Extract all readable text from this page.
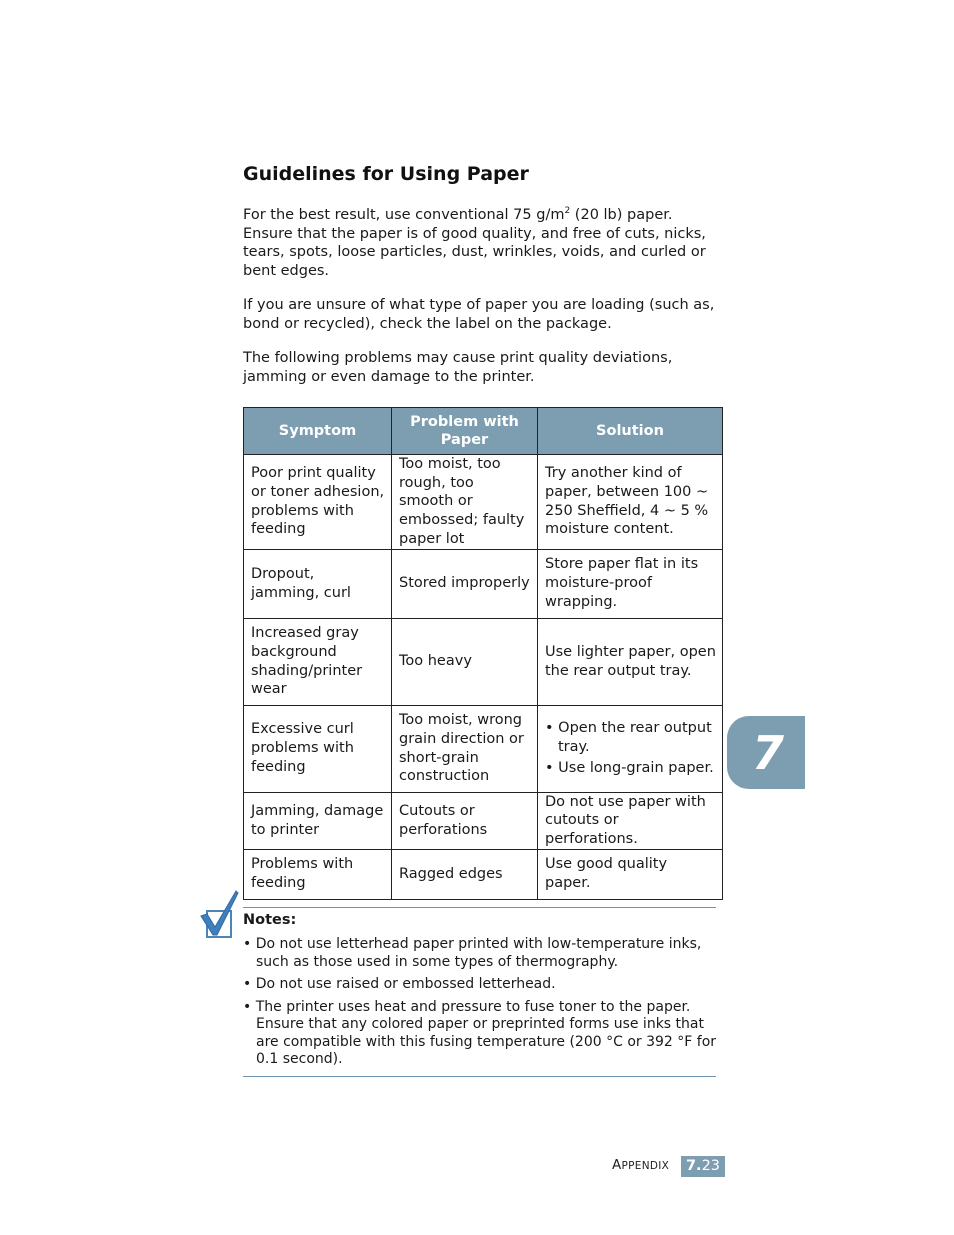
Guidelines for Using Paper

For the best result, use conventional 75 $g/m^2$ (20 lb) paper. Ensure that the paper is of good quality, and free of cuts, nicks, tears, spots, loose particles, dust, wrinkles, voids, and curled or bent edges.

If you are unsure of what type of paper you are loading (such as, bond or recycled), check the label on the package.

The following problems may cause print quality deviations, jamming or even damage to the printer.

Symptom	Problem with Paper	Solution
Poor print quality or toner adhesion, problems with feeding	Too moist, too rough, too smooth or embossed; faulty paper lot	Try another kind of paper, between 100 ~ 250 Sheffield, 4 ~ 5 % moisture content.
Dropout, jamming, curl	Stored improperly	Store paper flat in its moisture-proof wrapping.
Increased gray background shading/printer wear	Too heavy	Use lighter paper, open the rear output tray.
Excessive curl problems with feeding	Too moist, wrong grain direction or short-grain construction	• Open the rear output tray.
• Use long-grain paper.

Jamming, damage to printer	Cutouts or perforations	Do not use paper with cutouts or perforations.
Problems with feeding	Ragged edges	Use good quality paper.
7

Notes:

• Do not use letterhead paper printed with low-temperature inks, such as those used in some types of thermography.
• Do not use raised or embossed letterhead.
• The printer uses heat and pressure to fuse toner to the paper. Ensure that any colored paper or preprinted forms use inks that are compatible with this fusing temperature (200 °C or 392 °F for 0.1 second).
APPENDIX	7.23
